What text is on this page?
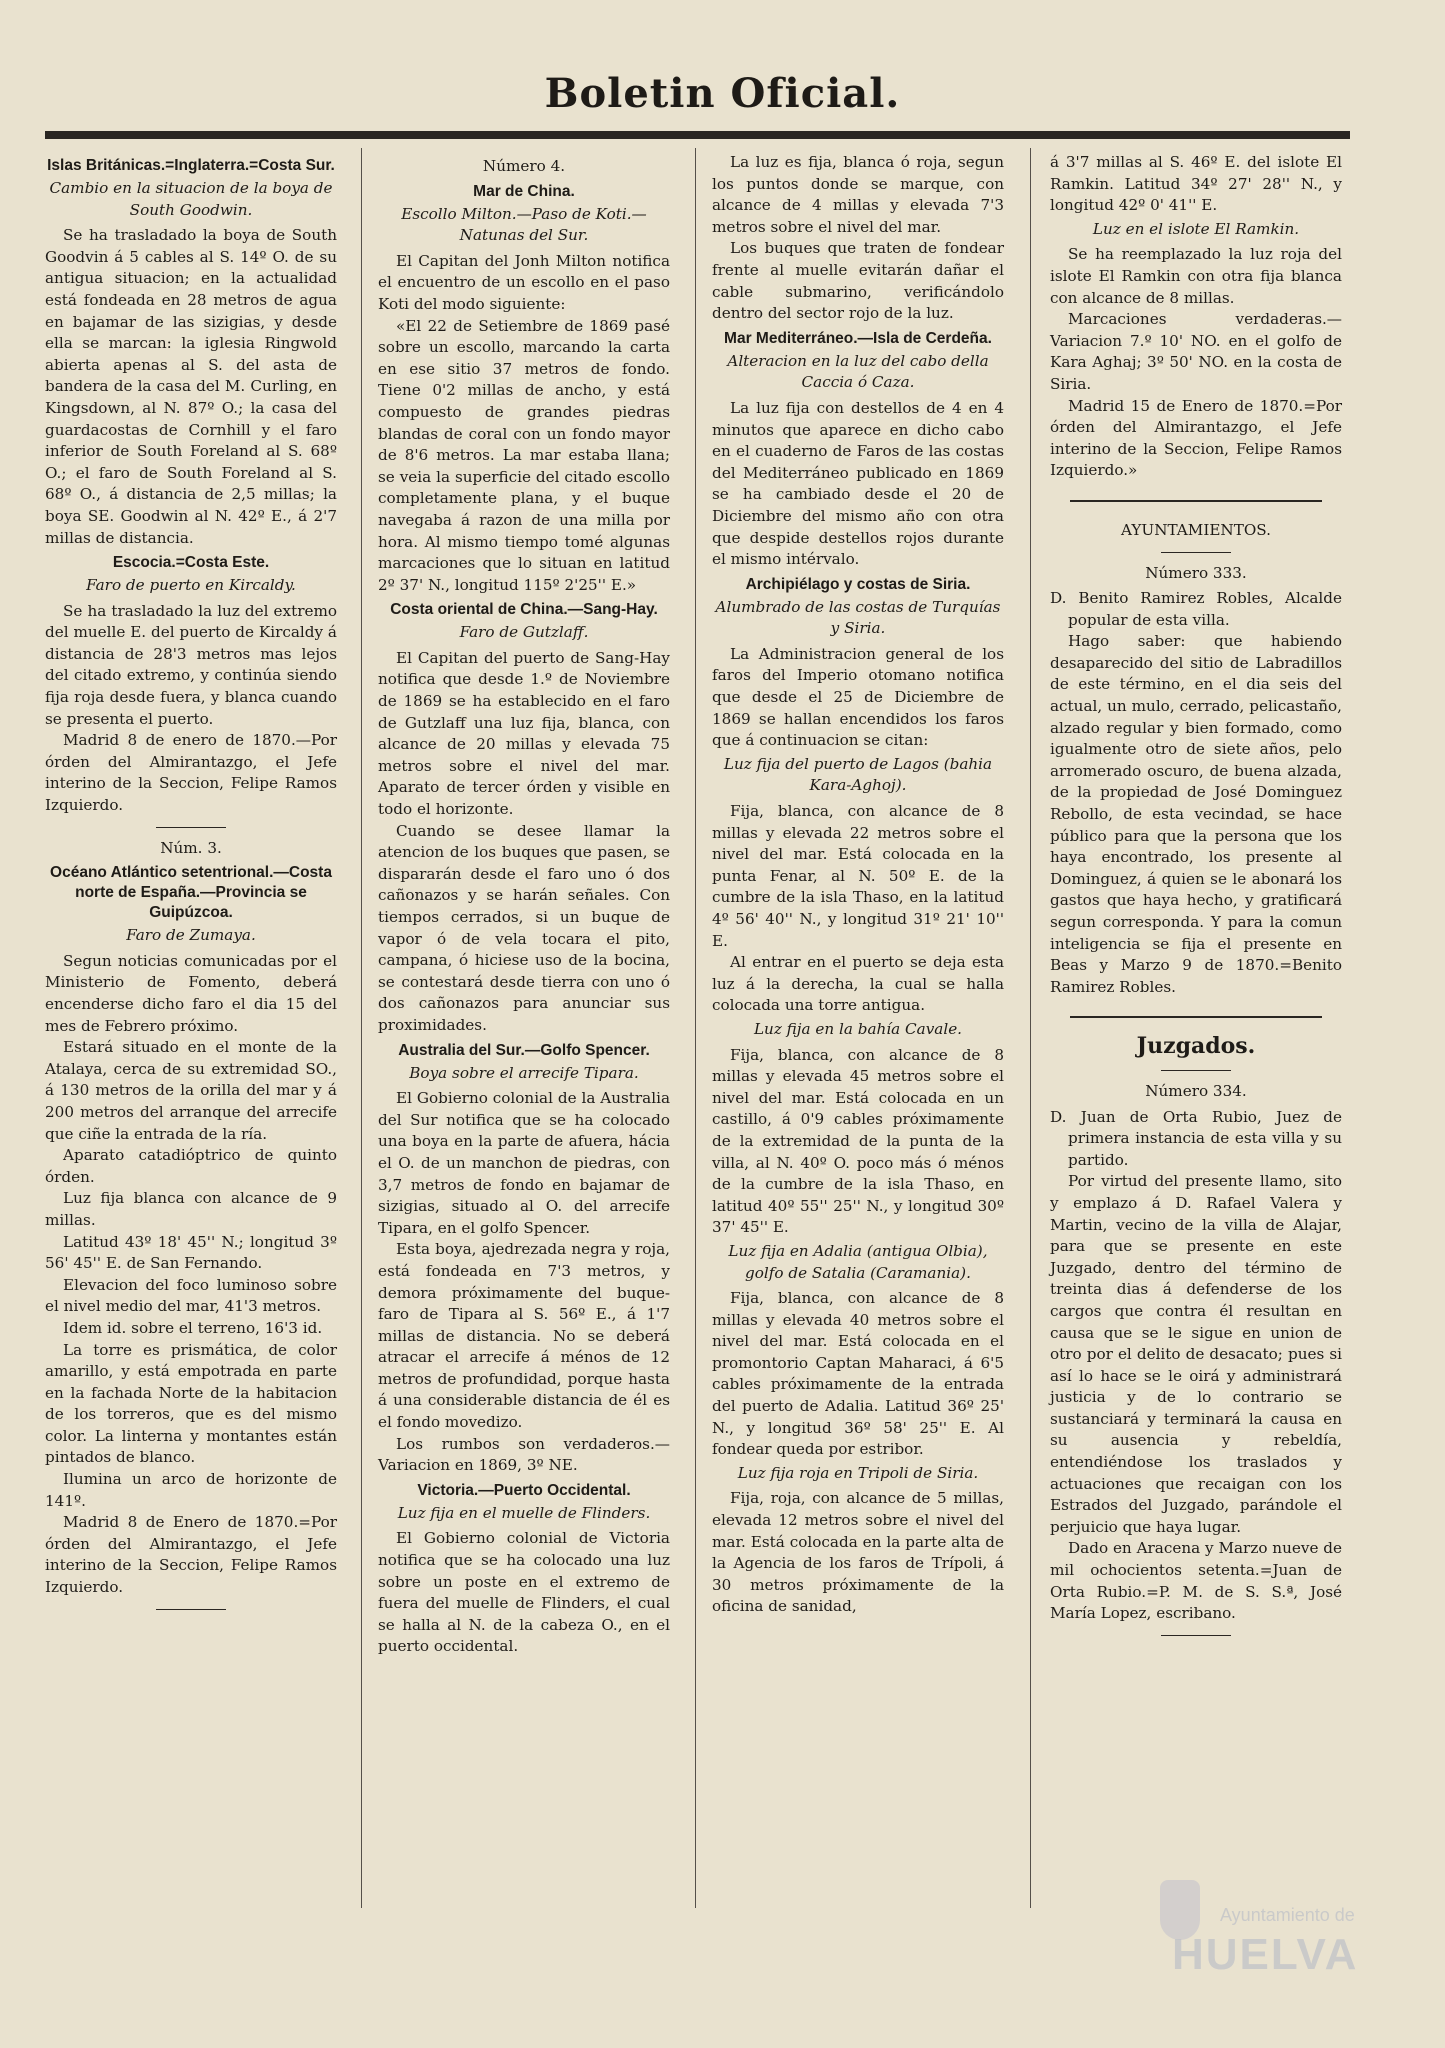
Boletin Oficial.
Islas Británicas.=Inglaterra.=Costa Sur.
Cambio en la situacion de la boya de South Goodwin.

Se ha trasladado la boya de South Goodvin á 5 cables al S. 14º O. de su antigua situacion; en la actualidad está fondeada en 28 metros de agua en bajamar de las sizigias, y desde ella se marcan: la iglesia Ringwold abierta apenas al S. del asta de bandera de la casa del M. Curling, en Kingsdown, al N. 87º O.; la casa del guardacostas de Cornhill y el faro inferior de South Foreland al S. 68º O.; el faro de South Foreland al S. 68º O., á distancia de 2,5 millas; la boya SE. Goodwin al N. 42º E., á 2'7 millas de distancia.

Escocia.=Costa Este.
Faro de puerto en Kircaldy.

Se ha trasladado la luz del extremo del muelle E. del puerto de Kircaldy á distancia de 28'3 metros mas lejos del citado extremo, y continúa siendo fija roja desde fuera, y blanca cuando se presenta el puerto.

Madrid 8 de enero de 1870.—Por órden del Almirantazgo, el Jefe interino de la Seccion, Felipe Ramos Izquierdo.

Núm. 3.
Océano Atlántico setentrional.—Costa norte de España.—Provincia se Guipúzcoa.
Faro de Zumaya.

Segun noticias comunicadas por el Ministerio de Fomento, deberá encenderse dicho faro el dia 15 del mes de Febrero próximo.

Estará situado en el monte de la Atalaya, cerca de su extremidad SO., á 130 metros de la orilla del mar y á 200 metros del arranque del arrecife que ciñe la entrada de la ría.

Aparato catadióptrico de quinto órden.

Luz fija blanca con alcance de 9 millas.

Latitud 43º 18' 45'' N.; longitud 3º 56' 45'' E. de San Fernando.

Elevacion del foco luminoso sobre el nivel medio del mar, 41'3 metros.

Idem id. sobre el terreno, 16'3 id.

La torre es prismática, de color amarillo, y está empotrada en parte en la fachada Norte de la habitacion de los torreros, que es del mismo color. La linterna y montantes están pintados de blanco.

Ilumina un arco de horizonte de 141º.

Madrid 8 de Enero de 1870.=Por órden del Almirantazgo, el Jefe interino de la Seccion, Felipe Ramos Izquierdo.

Número 4.
Mar de China.
Escollo Milton.—Paso de Koti.—Natunas del Sur.

El Capitan del Jonh Milton notifica el encuentro de un escollo en el paso Koti del modo siguiente:

«El 22 de Setiembre de 1869 pasé sobre un escollo, marcando la carta en ese sitio 37 metros de fondo. Tiene 0'2 millas de ancho, y está compuesto de grandes piedras blandas de coral con un fondo mayor de 8'6 metros. La mar estaba llana; se veia la superficie del citado escollo completamente plana, y el buque navegaba á razon de una milla por hora. Al mismo tiempo tomé algunas marcaciones que lo situan en latitud 2º 37' N., longitud 115º 2'25'' E.»

Costa oriental de China.—Sang-Hay.
Faro de Gutzlaff.

El Capitan del puerto de Sang-Hay notifica que desde 1.º de Noviembre de 1869 se ha establecido en el faro de Gutzlaff una luz fija, blanca, con alcance de 20 millas y elevada 75 metros sobre el nivel del mar. Aparato de tercer órden y visible en todo el horizonte.

Cuando se desee llamar la atencion de los buques que pasen, se dispararán desde el faro uno ó dos cañonazos y se harán señales. Con tiempos cerrados, si un buque de vapor ó de vela tocara el pito, campana, ó hiciese uso de la bocina, se contestará desde tierra con uno ó dos cañonazos para anunciar sus proximidades.

Australia del Sur.—Golfo Spencer.
Boya sobre el arrecife Tipara.

El Gobierno colonial de la Australia del Sur notifica que se ha colocado una boya en la parte de afuera, hácia el O. de un manchon de piedras, con 3,7 metros de fondo en bajamar de sizigias, situado al O. del arrecife Tipara, en el golfo Spencer.

Esta boya, ajedrezada negra y roja, está fondeada en 7'3 metros, y demora próximamente del buque-faro de Tipara al S. 56º E., á 1'7 millas de distancia. No se deberá atracar el arrecife á ménos de 12 metros de profundidad, porque hasta á una considerable distancia de él es el fondo movedizo.

Los rumbos son verdaderos.—Variacion en 1869, 3º NE.

Victoria.—Puerto Occidental.
Luz fija en el muelle de Flinders.

El Gobierno colonial de Victoria notifica que se ha colocado una luz sobre un poste en el extremo de fuera del muelle de Flinders, el cual se halla al N. de la cabeza O., en el puerto occidental.

La luz es fija, blanca ó roja, segun los puntos donde se marque, con alcance de 4 millas y elevada 7'3 metros sobre el nivel del mar.

Los buques que traten de fondear frente al muelle evitarán dañar el cable submarino, verificándolo dentro del sector rojo de la luz.

Mar Mediterráneo.—Isla de Cerdeña.
Alteracion en la luz del cabo della Caccia ó Caza.

La luz fija con destellos de 4 en 4 minutos que aparece en dicho cabo en el cuaderno de Faros de las costas del Mediterráneo publicado en 1869 se ha cambiado desde el 20 de Diciembre del mismo año con otra que despide destellos rojos durante el mismo intérvalo.

Archipiélago y costas de Siria.
Alumbrado de las costas de Turquías y Siria.

La Administracion general de los faros del Imperio otomano notifica que desde el 25 de Diciembre de 1869 se hallan encendidos los faros que á continuacion se citan:

Luz fija del puerto de Lagos (bahia Kara-Aghoj).

Fija, blanca, con alcance de 8 millas y elevada 22 metros sobre el nivel del mar. Está colocada en la punta Fenar, al N. 50º E. de la cumbre de la isla Thaso, en la latitud 4º 56' 40'' N., y longitud 31º 21' 10'' E.

Al entrar en el puerto se deja esta luz á la derecha, la cual se halla colocada una torre antigua.

Luz fija en la bahía Cavale.

Fija, blanca, con alcance de 8 millas y elevada 45 metros sobre el nivel del mar. Está colocada en un castillo, á 0'9 cables próximamente de la extremidad de la punta de la villa, al N. 40º O. poco más ó ménos de la cumbre de la isla Thaso, en latitud 40º 55'' 25'' N., y longitud 30º 37' 45'' E.

Luz fija en Adalia (antigua Olbia), golfo de Satalia (Caramania).

Fija, blanca, con alcance de 8 millas y elevada 40 metros sobre el nivel del mar. Está colocada en el promontorio Captan Maharaci, á 6'5 cables próximamente de la entrada del puerto de Adalia. Latitud 36º 25' N., y longitud 36º 58' 25'' E. Al fondear queda por estribor.

Luz fija roja en Tripoli de Siria.

Fija, roja, con alcance de 5 millas, elevada 12 metros sobre el nivel del mar. Está colocada en la parte alta de la Agencia de los faros de Trípoli, á 30 metros próximamente de la oficina de sanidad,

á 3'7 millas al S. 46º E. del islote El Ramkin. Latitud 34º 27' 28'' N., y longitud 42º 0' 41'' E.

Luz en el islote El Ramkin.

Se ha reemplazado la luz roja del islote El Ramkin con otra fija blanca con alcance de 8 millas.

Marcaciones verdaderas.—Variacion 7.º 10' NO. en el golfo de Kara Aghaj; 3º 50' NO. en la costa de Siria.

Madrid 15 de Enero de 1870.=Por órden del Almirantazgo, el Jefe interino de la Seccion, Felipe Ramos Izquierdo.»

AYUNTAMIENTOS.
Número 333.

D. Benito Ramirez Robles, Alcalde popular de esta villa.

Hago saber: que habiendo desaparecido del sitio de Labradillos de este término, en el dia seis del actual, un mulo, cerrado, pelicastaño, alzado regular y bien formado, como igualmente otro de siete años, pelo arromerado oscuro, de buena alzada, de la propiedad de José Dominguez Rebollo, de esta vecindad, se hace público para que la persona que los haya encontrado, los presente al Dominguez, á quien se le abonará los gastos que haya hecho, y gratificará segun corresponda. Y para la comun inteligencia se fija el presente en Beas y Marzo 9 de 1870.=Benito Ramirez Robles.

Juzgados.
Número 334.

D. Juan de Orta Rubio, Juez de primera instancia de esta villa y su partido.

Por virtud del presente llamo, sito y emplazo á D. Rafael Valera y Martin, vecino de la villa de Alajar, para que se presente en este Juzgado, dentro del término de treinta dias á defenderse de los cargos que contra él resultan en causa que se le sigue en union de otro por el delito de desacato; pues si así lo hace se le oirá y administrará justicia y de lo contrario se sustanciará y terminará la causa en su ausencia y rebeldía, entendiéndose los traslados y actuaciones que recaigan con los Estrados del Juzgado, parándole el perjuicio que haya lugar.

Dado en Aracena y Marzo nueve de mil ochocientos setenta.=Juan de Orta Rubio.=P. M. de S. S.ª, José María Lopez, escribano.

Ayuntamiento de
HUELVA
